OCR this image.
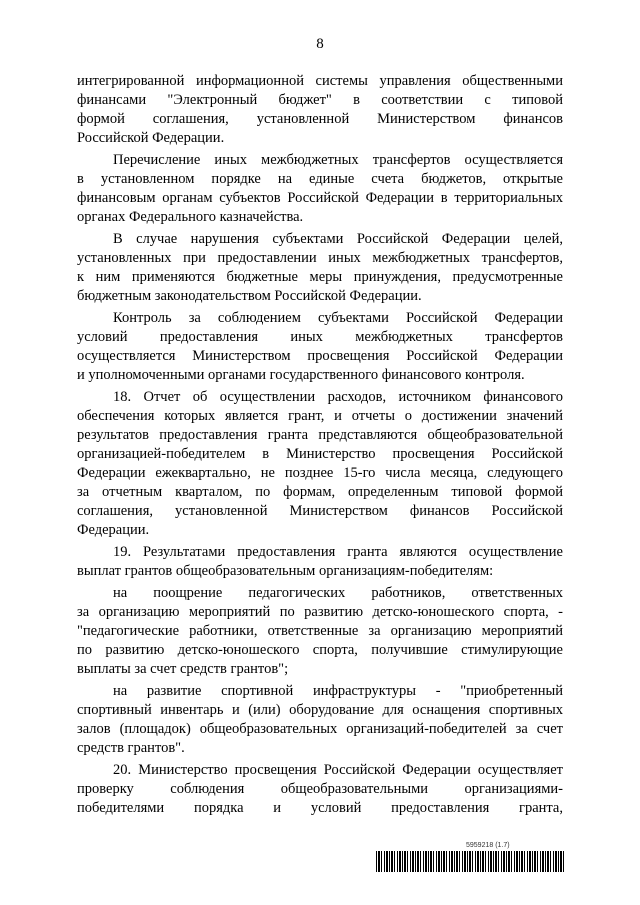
8
интегрированной информационной системы управления общественными
финансами "Электронный бюджет" в соответствии с типовой
формой соглашения, установленной Министерством финансов
Российской Федерации.
Перечисление иных межбюджетных трансфертов осуществляется
в установленном порядке на единые счета бюджетов, открытые
финансовым органам субъектов Российской Федерации в территориальных
органах Федерального казначейства.
В случае нарушения субъектами Российской Федерации целей,
установленных при предоставлении иных межбюджетных трансфертов,
к ним применяются бюджетные меры принуждения, предусмотренные
бюджетным законодательством Российской Федерации.
Контроль за соблюдением субъектами Российской Федерации
условий предоставления иных межбюджетных трансфертов
осуществляется Министерством просвещения Российской Федерации
и уполномоченными органами государственного финансового контроля.
18. Отчет об осуществлении расходов, источником финансового
обеспечения которых является грант, и отчеты о достижении значений
результатов предоставления гранта представляются общеобразовательной
организацией-победителем в Министерство просвещения Российской
Федерации ежеквартально, не позднее 15-го числа месяца, следующего
за отчетным кварталом, по формам, определенным типовой формой
соглашения, установленной Министерством финансов Российской
Федерации.
19. Результатами предоставления гранта являются осуществление
выплат грантов общеобразовательным организациям-победителям:
на поощрение педагогических работников, ответственных
за организацию мероприятий по развитию детско-юношеского спорта, -
"педагогические работники, ответственные за организацию мероприятий
по развитию детско-юношеского спорта, получившие стимулирующие
выплаты за счет средств грантов";
на развитие спортивной инфраструктуры - "приобретенный
спортивный инвентарь и (или) оборудование для оснащения спортивных
залов (площадок) общеобразовательных организаций-победителей за счет
средств грантов".
20. Министерство просвещения Российской Федерации осуществляет
проверку соблюдения общеобразовательными организациями-
победителями порядка и условий предоставления гранта,
5959218 (1.7)
